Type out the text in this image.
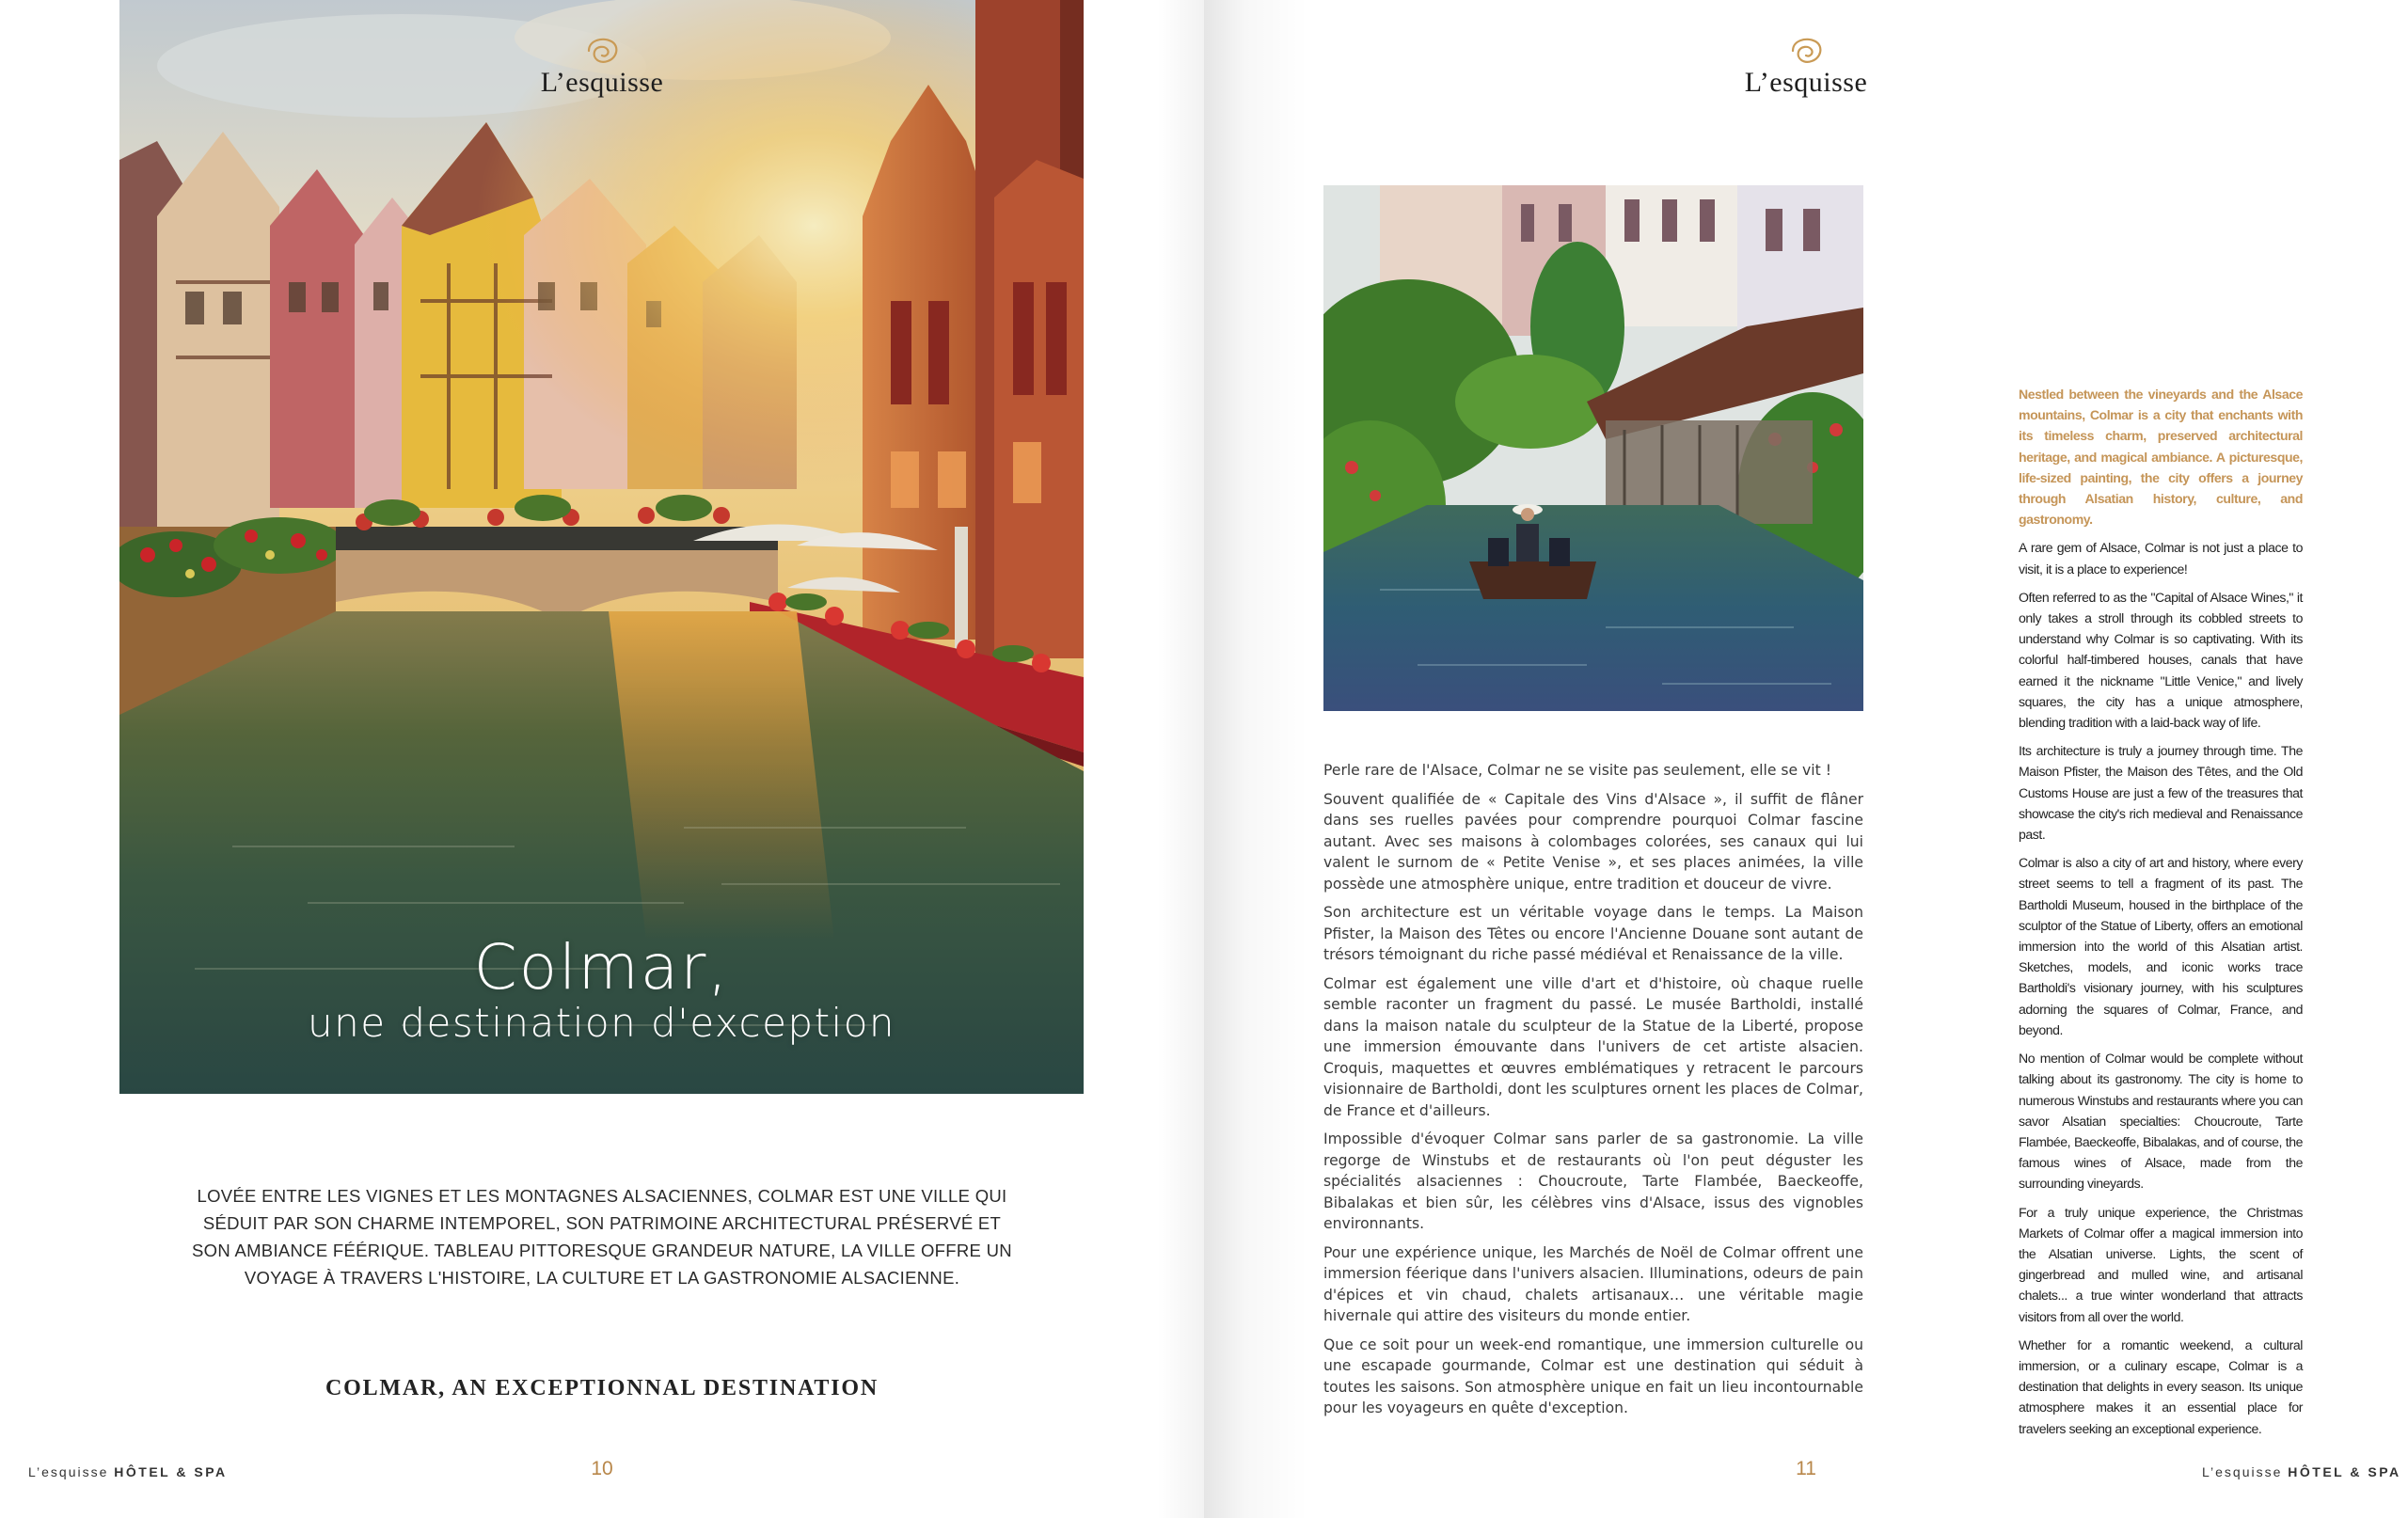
Colmar,
une destination d'exception
L’esquisse
LOVÉE ENTRE LES VIGNES ET LES MONTAGNES ALSACIENNES, COLMAR EST UNE VILLE QUI SÉDUIT PAR SON CHARME INTEMPOREL, SON PATRIMOINE ARCHITECTURAL PRÉSERVÉ ET SON AMBIANCE FÉÉRIQUE. TABLEAU PITTORESQUE GRANDEUR NATURE, LA VILLE OFFRE UN VOYAGE À TRAVERS L'HISTOIRE, LA CULTURE ET LA GASTRONOMIE ALSACIENNE.
COLMAR, AN EXCEPTIONNAL DESTINATION
L’esquisse HÔTEL & SPA	10
L’esquisse

Perle rare de l'Alsace, Colmar ne se visite pas seulement, elle se vit !

Souvent qualifiée de « Capitale des Vins d'Alsace », il suffit de flâner dans ses ruelles pavées pour comprendre pourquoi Colmar fascine autant. Avec ses maisons à colombages colorées, ses canaux qui lui valent le surnom de « Petite Venise », et ses places animées, la ville possède une atmosphère unique, entre tradition et douceur de vivre.

Son architecture est un véritable voyage dans le temps. La Maison Pfister, la Maison des Têtes ou encore l'Ancienne Douane sont autant de trésors témoignant du riche passé médiéval et Renaissance de la ville.

Colmar est également une ville d'art et d'histoire, où chaque ruelle semble raconter un fragment du passé. Le musée Bartholdi, installé dans la maison natale du sculpteur de la Statue de la Liberté, propose une immersion émouvante dans l'univers de cet artiste alsacien. Croquis, maquettes et œuvres emblématiques y retracent le parcours visionnaire de Bartholdi, dont les sculptures ornent les places de Colmar, de France et d'ailleurs.

Impossible d'évoquer Colmar sans parler de sa gastronomie. La ville regorge de Winstubs et de restaurants où l'on peut déguster les spécialités alsaciennes : Choucroute, Tarte Flambée, Baeckeoffe, Bibalakas et bien sûr, les célèbres vins d'Alsace, issus des vignobles environnants.

Pour une expérience unique, les Marchés de Noël de Colmar offrent une immersion féerique dans l'univers alsacien. Illuminations, odeurs de pain d'épices et vin chaud, chalets artisanaux… une véritable magie hivernale qui attire des visiteurs du monde entier.

Que ce soit pour un week-end romantique, une immersion culturelle ou une escapade gourmande, Colmar est une destination qui séduit à toutes les saisons. Son atmosphère unique en fait un lieu incontournable pour les voyageurs en quête d'exception.

Nestled between the vineyards and the Alsace mountains, Colmar is a city that enchants with its timeless charm, preserved architectural heritage, and magical ambiance. A picturesque, life-sized painting, the city offers a journey through Alsatian history, culture, and gastronomy.

A rare gem of Alsace, Colmar is not just a place to visit, it is a place to experience!

Often referred to as the "Capital of Alsace Wines," it only takes a stroll through its cobbled streets to understand why Colmar is so captivating. With its colorful half-timbered houses, canals that have earned it the nickname "Little Venice," and lively squares, the city has a unique atmosphere, blending tradition with a laid-back way of life.

Its architecture is truly a journey through time. The Maison Pfister, the Maison des Têtes, and the Old Customs House are just a few of the treasures that showcase the city's rich medieval and Renaissance past.

Colmar is also a city of art and history, where every street seems to tell a fragment of its past. The Bartholdi Museum, housed in the birthplace of the sculptor of the Statue of Liberty, offers an emotional immersion into the world of this Alsatian artist. Sketches, models, and iconic works trace Bartholdi's visionary journey, with his sculptures adorning the squares of Colmar, France, and beyond.

No mention of Colmar would be complete without talking about its gastronomy. The city is home to numerous Winstubs and restaurants where you can savor Alsatian specialties: Choucroute, Tarte Flambée, Baeckeoffe, Bibalakas, and of course, the famous wines of Alsace, made from the surrounding vineyards.

For a truly unique experience, the Christmas Markets of Colmar offer a magical immersion into the Alsatian universe. Lights, the scent of gingerbread and mulled wine, and artisanal chalets... a true winter wonderland that attracts visitors from all over the world.

Whether for a romantic weekend, a cultural immersion, or a culinary escape, Colmar is a destination that delights in every season. Its unique atmosphere makes it an essential place for travelers seeking an exceptional experience.

11	L’esquisse HÔTEL & SPA
